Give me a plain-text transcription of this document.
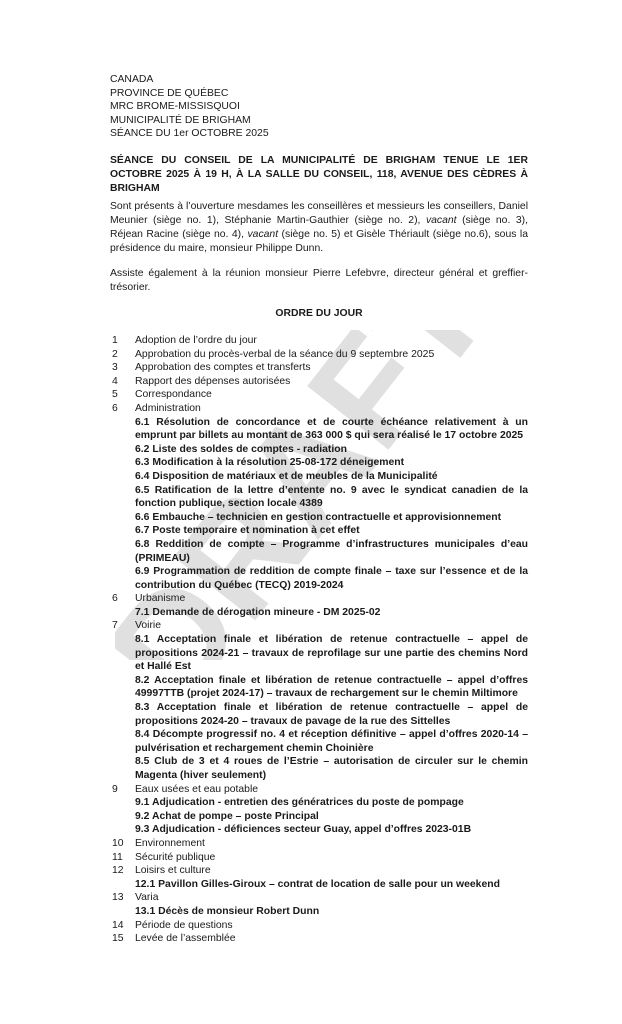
DRAFT
CANADA
PROVINCE DE QUÉBEC
MRC BROME-MISSISQUOI
MUNICIPALITÉ DE BRIGHAM
SÉANCE DU 1er OCTOBRE 2025
SÉANCE DU CONSEIL DE LA MUNICIPALITÉ DE BRIGHAM TENUE LE 1ER OCTOBRE 2025 À 19 H, À LA SALLE DU CONSEIL, 118, AVENUE DES CÈDRES À BRIGHAM
Sont présents à l’ouverture mesdames les conseillères et messieurs les conseillers, Daniel Meunier (siège no. 1), Stéphanie Martin-Gauthier (siège no. 2), vacant (siège no. 3), Réjean Racine (siège no. 4), vacant (siège no. 5) et Gisèle Thériault (siège no.6), sous la présidence du maire, monsieur Philippe Dunn.
Assiste également à la réunion monsieur Pierre Lefebvre, directeur général et greffier-trésorier.
ORDRE DU JOUR
1 Adoption de l’ordre du jour
2 Approbation du procès-verbal de la séance du 9 septembre 2025
3 Approbation des comptes et transferts
4 Rapport des dépenses autorisées
5 Correspondance
6 Administration
6.1 Résolution de concordance et de courte échéance relativement à un emprunt par billets au montant de 363 000 $ qui sera réalisé le 17 octobre 2025
6.2 Liste des soldes de comptes - radiation
6.3 Modification à la résolution 25-08-172 déneigement
6.4 Disposition de matériaux et de meubles de la Municipalité
6.5 Ratification de la lettre d’entente no. 9 avec le syndicat canadien de la fonction publique, section locale 4389
6.6 Embauche – technicien en gestion contractuelle et approvisionnement
6.7 Poste temporaire et nomination à cet effet
6.8 Reddition de compte – Programme d’infrastructures municipales d’eau (PRIMEAU)
6.9 Programmation de reddition de compte finale – taxe sur l’essence et de la contribution du Québec (TECQ) 2019-2024
6 Urbanisme
7.1 Demande de dérogation mineure - DM 2025-02
7 Voirie
8.1 Acceptation finale et libération de retenue contractuelle – appel de propositions 2024-21 – travaux de reprofilage sur une partie des chemins Nord et Hallé Est
8.2 Acceptation finale et libération de retenue contractuelle – appel d’offres 49997TTB (projet 2024-17) – travaux de rechargement sur le chemin Miltimore
8.3 Acceptation finale et libération de retenue contractuelle – appel de propositions 2024-20 – travaux de pavage de la rue des Sittelles
8.4 Décompte progressif no. 4 et réception définitive – appel d’offres 2020-14 – pulvérisation et rechargement chemin Choinière
8.5 Club de 3 et 4 roues de l’Estrie – autorisation de circuler sur le chemin Magenta (hiver seulement)
9 Eaux usées et eau potable
9.1 Adjudication - entretien des génératrices du poste de pompage
9.2 Achat de pompe – poste Principal
9.3 Adjudication - déficiences secteur Guay, appel d’offres 2023-01B
10 Environnement
11 Sécurité publique
12 Loisirs et culture
12.1 Pavillon Gilles-Giroux – contrat de location de salle pour un weekend
13 Varia
13.1 Décès de monsieur Robert Dunn
14 Période de questions
15 Levée de l’assemblée
